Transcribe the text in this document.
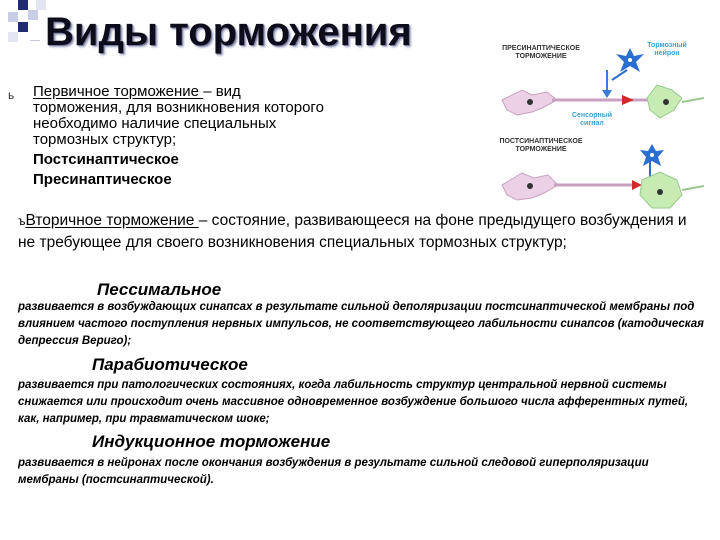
Виды торможения
ь Первичное торможение – вид торможения, для возникновения которого необходимо наличие специальных тормозных структур;
Постсинаптическое
Пресинаптическое
ПРЕСИНАПТИЧЕСКОЕ ТОРМОЖЕНИЕ
Тормозный нейрон
Сенсорный сигнал
ПОСТСИНАПТИЧЕСКОЕ ТОРМОЖЕНИЕ
ъВторичное торможение – состояние, развивающееся на фоне предыдущего возбуждения и не требующее для своего возникновения специальных тормозных структур;
Пессимальное
развивается в возбуждающих синапсах в результате сильной деполяризации постсинаптической мембраны под влиянием частого поступления нервных импульсов, не соответствующего лабильности синапсов (катодическая депрессия Вериго);
Парабиотическое
развивается при патологических состояниях, когда лабильность структур центральной нервной системы снижается или происходит очень массивное одновременное возбуждение большого числа афферентных путей, как, например, при травматическом шоке;
Индукционное торможение
развивается в нейронах после окончания возбуждения в результате сильной следовой гиперполяризации мембраны (постсинаптической).
